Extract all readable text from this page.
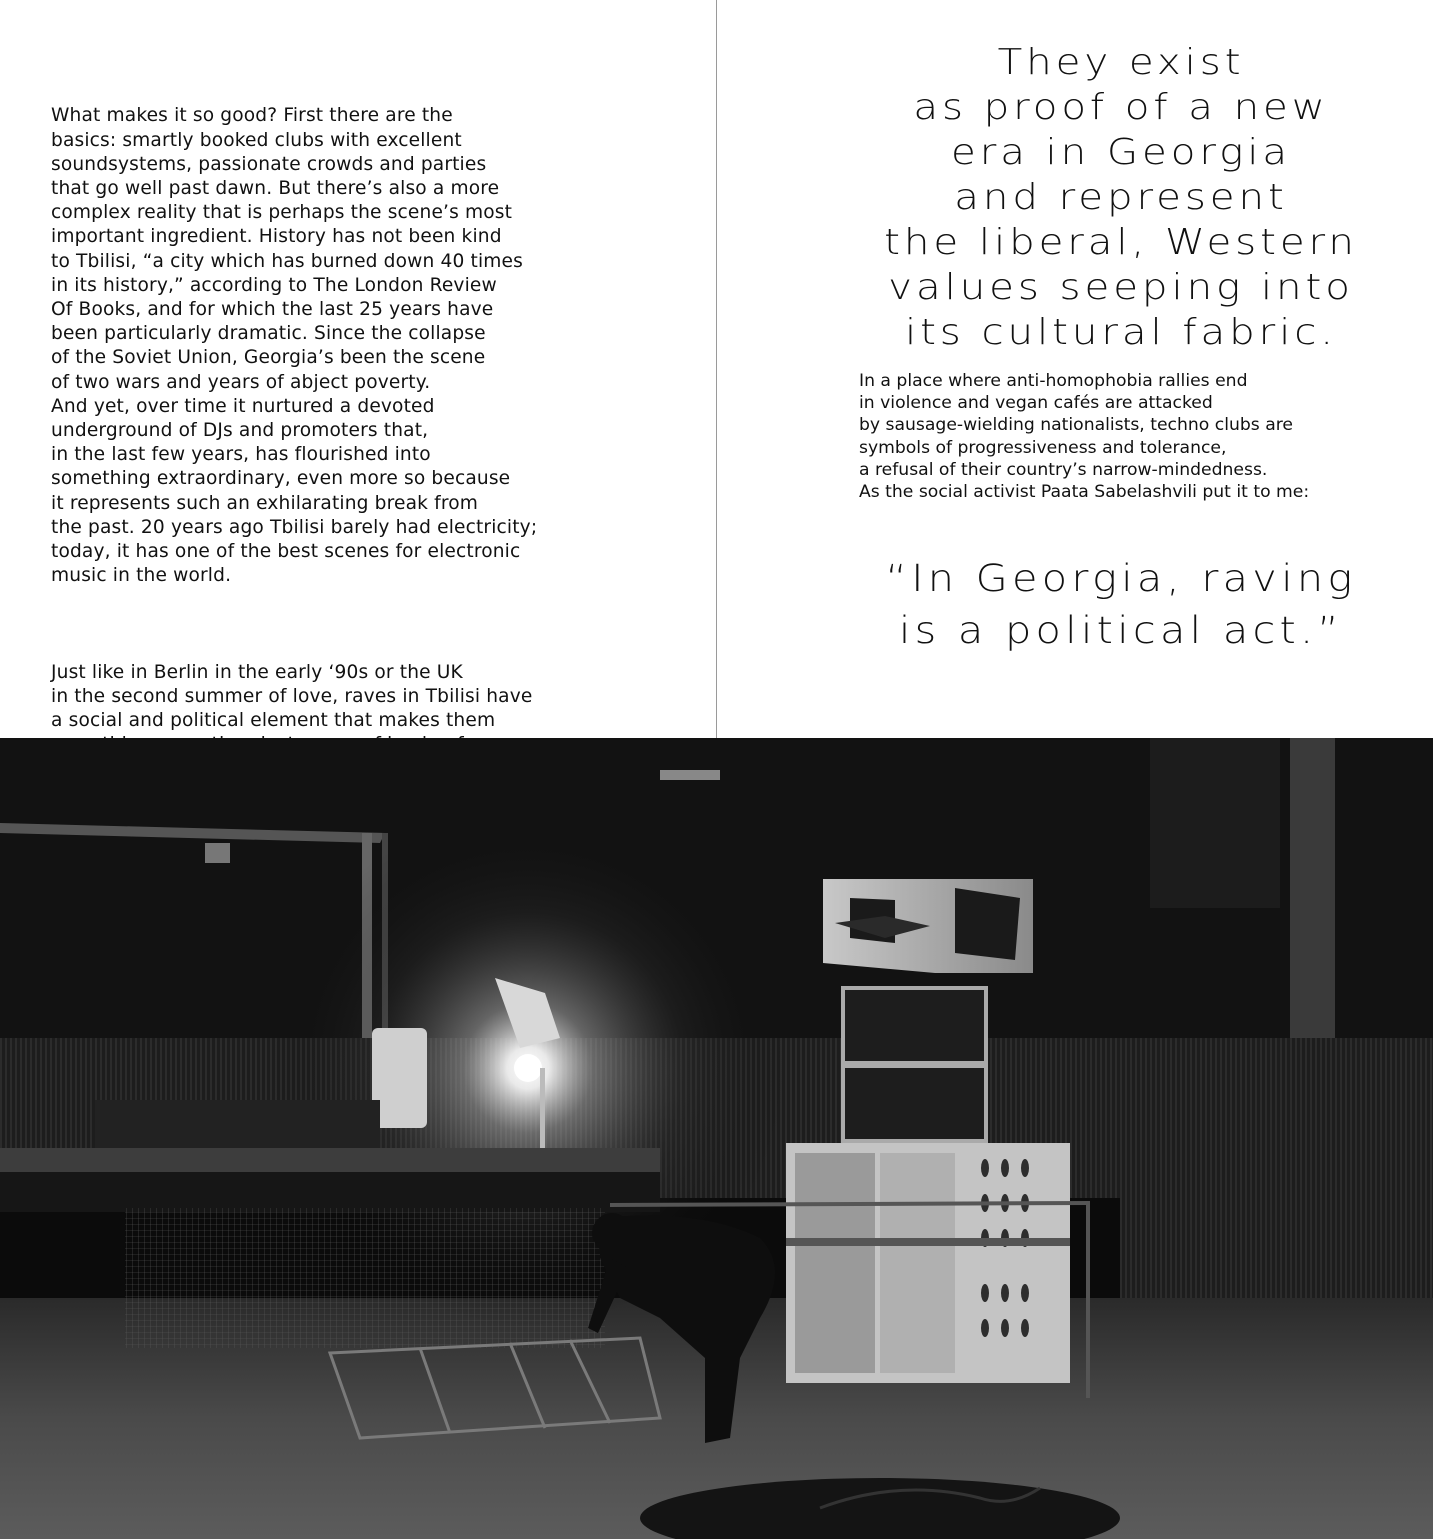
What makes it so good? First there are the
basics: smartly booked clubs with excellent
soundsystems, passionate crowds and parties
that go well past dawn. But there’s also a more
complex reality that is perhaps the scene’s most
important ingredient. History has not been kind
to Tbilisi, “a city which has burned down 40 times
in its history,” according to The London Review
Of Books, and for which the last 25 years have
been particularly dramatic. Since the collapse
of the Soviet Union, Georgia’s been the scene
of two wars and years of abject poverty.
And yet, over time it nurtured a devoted
underground of DJs and promoters that,
in the last few years, has flourished into
something extraordinary, even more so because
it represents such an exhilarating break from
the past. 20 years ago Tbilisi barely had electricity;
today, it has one of the best scenes for electronic
music in the world.

Just like in Berlin in the early ‘90s or the UK
in the second summer of love, raves in Tbilisi have
a social and political element that makes them

They exist
as proof of a new
era in Georgia
and represent
the liberal, Western
values seeping into
its cultural fabric.
In a place where anti-homophobia rallies end
in violence and vegan cafés are attacked
by sausage-wielding nationalists, techno clubs are
symbols of progressiveness and tolerance,
a refusal of their country’s narrow-mindedness.
As the social activist Paata Sabelashvili put it to me:
“In Georgia, raving
is a political act.”
